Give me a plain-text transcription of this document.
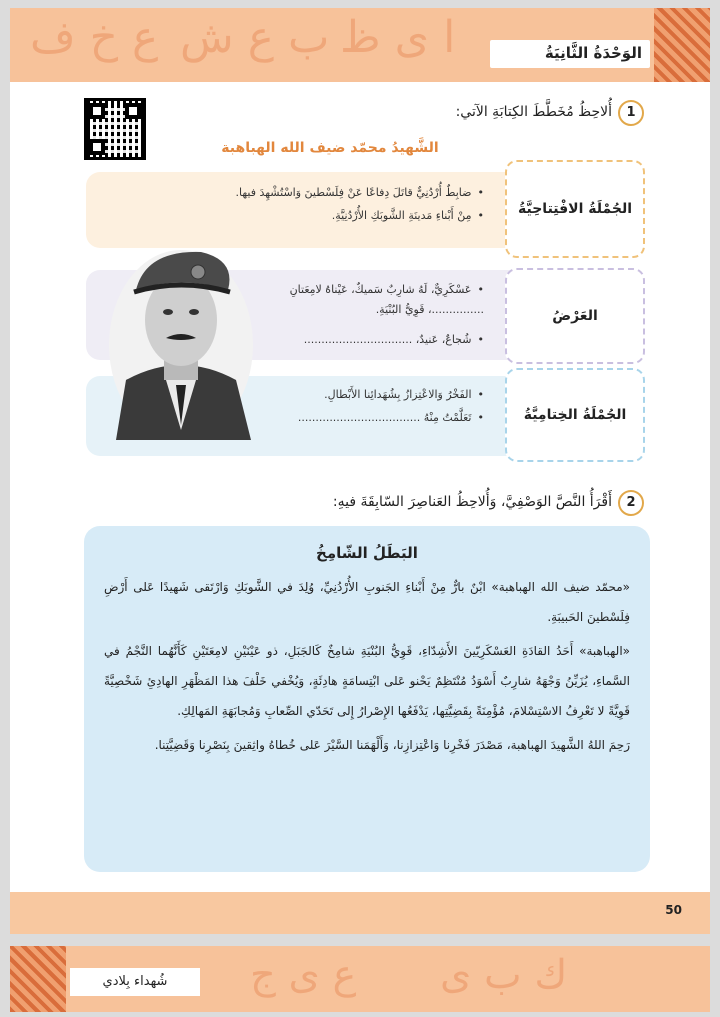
ع خ ف ب ع ش ا ى ظ	الوَحْدَةُ الثَّانِيَةُ
1
أُلاحِظُ مُخَطَّطَ الكِتابَةِ الآتي:
الشَّهيدُ محمّد ضيف الله الهباهبة
الجُمْلَةُ الافْتِتاحِيَّةُ
• ضابِطٌ أُرْدُنِيٌّ قاتَلَ دِفاعًا عَنْ فِلَسْطينَ وَاسْتُشْهِدَ فيها.
• مِنْ أَبْناءِ مَدينَةِ الشَّوبَكِ الأُرْدُنِيَّةِ.
العَرْضُ
• عَسْكَرِيٌّ، لَهُ شارِبٌ سَميكٌ، عَيْناهُ لامِعَتانِ ...............، قَوِيُّ البُنْيَةِ.
• شُجاعٌ، عَنيدٌ، ...............................
الجُمْلَةُ الخِتامِيَّةُ
• الفَخْرُ وَالاعْتِزازُ بِشُهَدائِنا الأَبْطالِ.
• تَعَلَّمْتُ مِنْهُ ...................................
2
أَقْرَأُ النَّصَّ الوَصْفِيَّ، وَأُلاحِظُ العَناصِرَ السّابِقَةَ فيهِ:
البَطَلُ الشّامِخُ

«محمّد ضيف الله الهباهبة» ابْنٌ بارٌّ مِنْ أَبْناءِ الجَنوبِ الأُرْدُنِيِّ، وُلِدَ في الشَّوبَكِ وَارْتَقى شَهيدًا عَلى أَرْضِ فِلَسْطينَ الحَبيبَةِ.

«الهباهبة» أَحَدُ القادَةِ العَسْكَرِيّينَ الأَشِدّاءِ، قَوِيُّ البُنْيَةِ شامِخٌ كَالجَبَلِ، ذو عَيْنَيْنِ لامِعَتَيْنِ كَأَنَّهُما النَّجْمُ في السَّماءِ، يُزَيِّنُ وَجْهَهُ شارِبٌ أَسْوَدُ مُنْتَظِمٌ يَحْنو عَلى ابْتِسامَةٍ هادِئَةٍ، وَيُخْفي خَلْفَ هذا المَظْهَرِ الهادِئِ شَخْصِيَّةً قَوِيَّةً لا تَعْرِفُ الاسْتِسْلامَ، مُؤْمِنَةً بِقَضِيَّتِها، يَدْفَعُها الإِصْرارُ إِلى تَحَدّي الصِّعابِ وَمُجابَهَةِ المَهالِكِ.

رَحِمَ اللهُ الشَّهيدَ الهباهبة، مَصْدَرَ فَخْرِنا وَاعْتِزازِنا، وَأَلْهَمَنا السَّيْرَ عَلى خُطاهُ واثِقينَ بِنَصْرِنا وَقَضِيَّتِنا.

50
شُهداء بِلادي	ع ى ج ك ب ى
